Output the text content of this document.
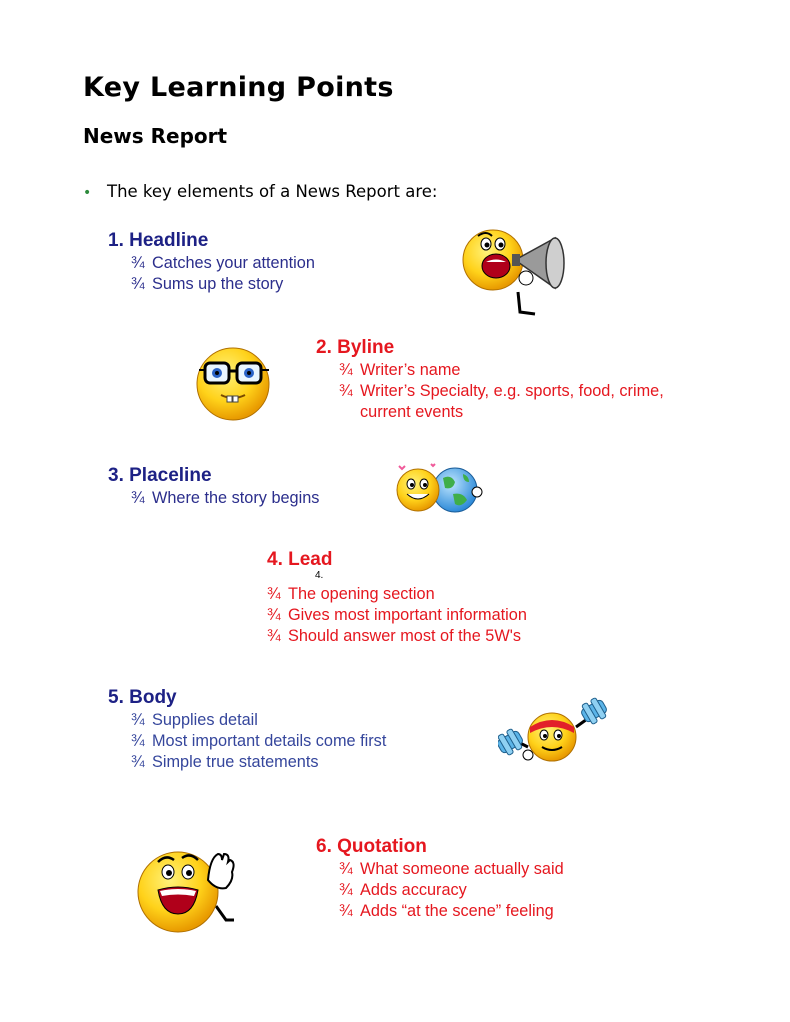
Key Learning Points
News Report
• The key elements of a News Report are:
1. Headline
¾ Catches your attention
¾ Sums up the story
2. Byline
¾ Writer’s name
¾ Writer’s Specialty, e.g. sports, food, crime,
current events
3. Placeline
¾ Where the story begins
4. Lead
¾ The opening section
¾ Gives most important information
¾ Should answer most of the 5W's
4.
5. Body
¾ Supplies detail
¾ Most important details come first
¾ Simple true statements
6. Quotation
¾ What someone actually said
¾ Adds accuracy
¾ Adds “at the scene” feeling
